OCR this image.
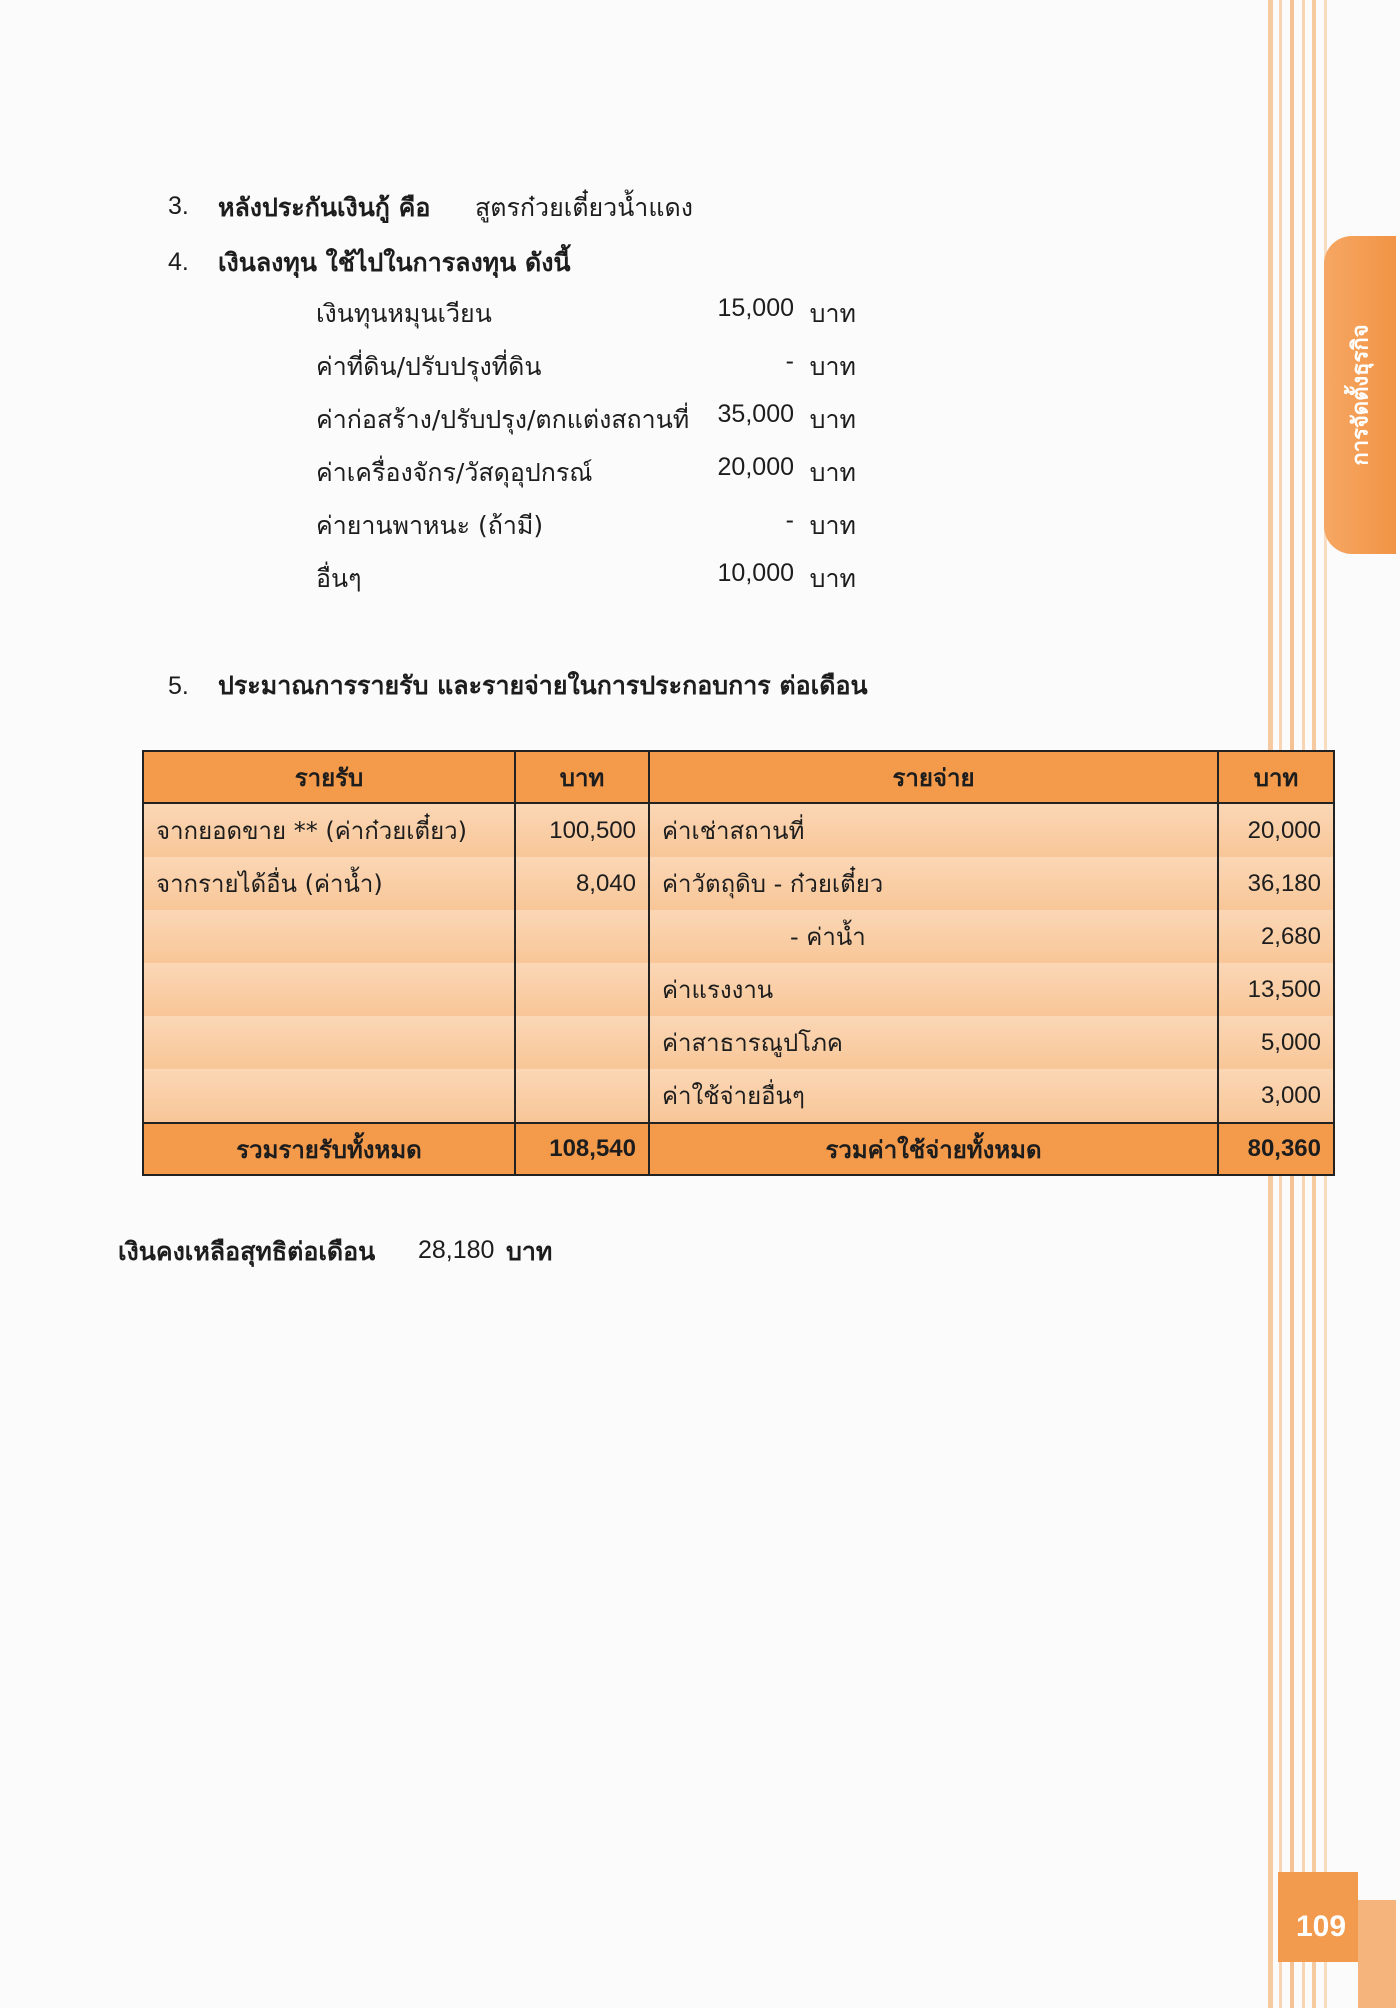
การจัดตั้งธุรกิจ
109
3. หลังประกันเงินกู้ คือ สูตรก๋วยเตี๋ยวน้ำแดง
4. เงินลงทุน ใช้ไปในการลงทุน ดังนี้
เงินทุนหมุนเวียน	15,000 บาท
ค่าที่ดิน/ปรับปรุงที่ดิน	- บาท
ค่าก่อสร้าง/ปรับปรุง/ตกแต่งสถานที่ 35,000 บาท
ค่าเครื่องจักร/วัสดุอุปกรณ์	20,000 บาท
ค่ายานพาหนะ (ถ้ามี)	- บาท
อื่นๆ	10,000 บาท
5. ประมาณการรายรับ และรายจ่ายในการประกอบการ ต่อเดือน
รายรับ	บาท	รายจ่าย	บาท
จากยอดขาย ** (ค่าก๋วยเตี๋ยว)	100,500	ค่าเช่าสถานที่	20,000
จากรายได้อื่น (ค่าน้ำ)	8,040	ค่าวัตถุดิบ - ก๋วยเตี๋ยว	36,180
		- ค่าน้ำ	2,680
		ค่าแรงงาน	13,500
		ค่าสาธารณูปโภค	5,000
		ค่าใช้จ่ายอื่นๆ	3,000
รวมรายรับทั้งหมด	108,540	รวมค่าใช้จ่ายทั้งหมด	80,360
เงินคงเหลือสุทธิต่อเดือน 28,180 บาท
